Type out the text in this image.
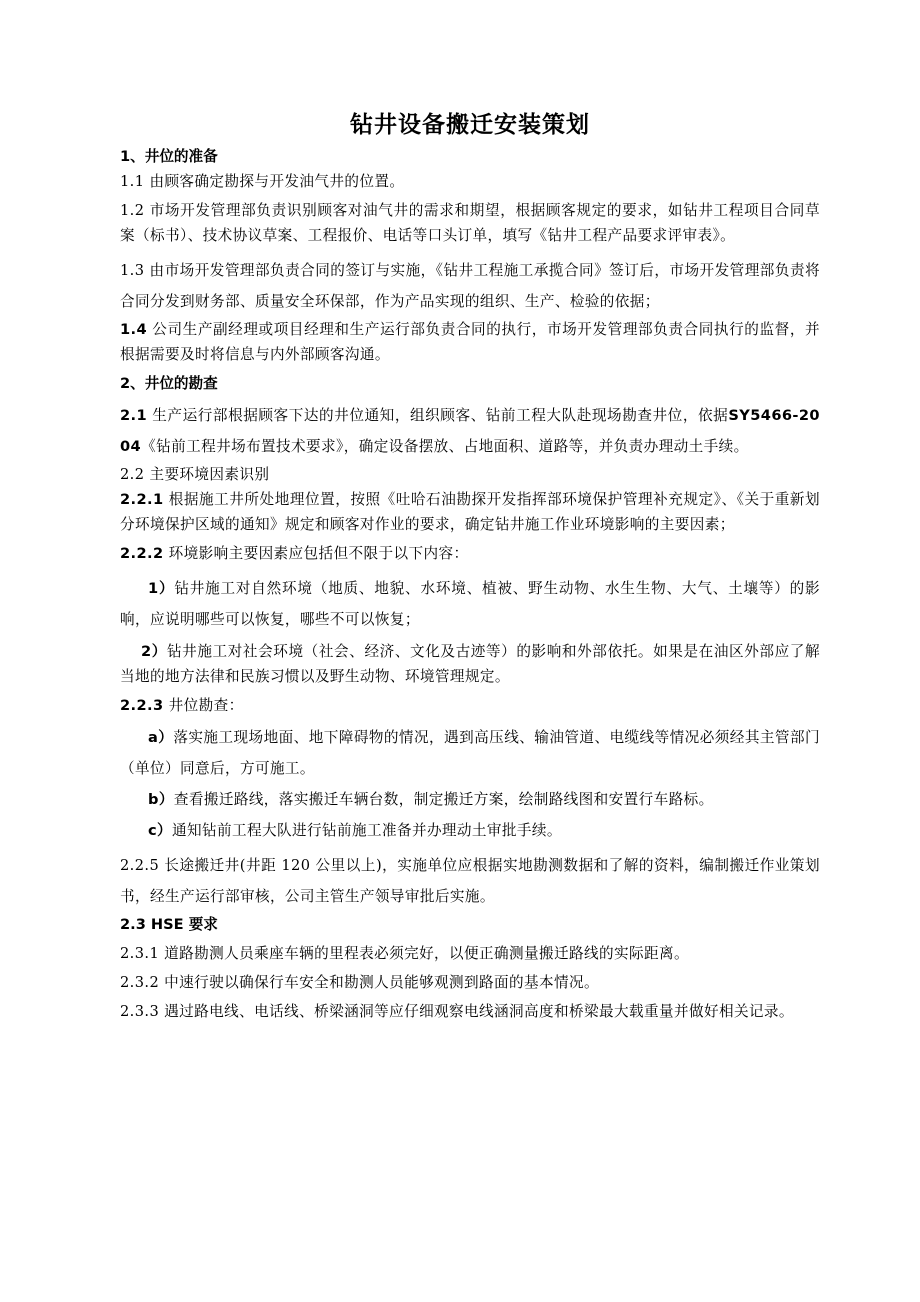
钻井设备搬迁安装策划
1、井位的准备

1.1 由顾客确定勘探与开发油气井的位置。

1.2 市场开发管理部负责识别顾客对油气井的需求和期望，根据顾客规定的要求，如钻井工程项目合同草案（标书）、技术协议草案、工程报价、电话等口头订单，填写《钻井工程产品要求评审表》。

1.3 由市场开发管理部负责合同的签订与实施，《钻井工程施工承揽合同》签订后，市场开发管理部负责将合同分发到财务部、质量安全环保部，作为产品实现的组织、生产、检验的依据；

1.4 公司生产副经理或项目经理和生产运行部负责合同的执行，市场开发管理部负责合同执行的监督，并根据需要及时将信息与内外部顾客沟通。

2、井位的勘查

2.1 生产运行部根据顾客下达的井位通知，组织顾客、钻前工程大队赴现场勘查井位，依据SY5466-2004《钻前工程井场布置技术要求》，确定设备摆放、占地面积、道路等，并负责办理动土手续。

2.2 主要环境因素识别

2.2.1 根据施工井所处地理位置，按照《吐哈石油勘探开发指挥部环境保护管理补充规定》、《关于重新划分环境保护区域的通知》规定和顾客对作业的要求，确定钻井施工作业环境影响的主要因素；

2.2.2 环境影响主要因素应包括但不限于以下内容：

1）钻井施工对自然环境（地质、地貌、水环境、植被、野生动物、水生生物、大气、土壤等）的影响，应说明哪些可以恢复，哪些不可以恢复；

2）钻井施工对社会环境（社会、经济、文化及古迹等）的影响和外部依托。如果是在油区外部应了解当地的地方法律和民族习惯以及野生动物、环境管理规定。

2.2.3 井位勘查：

a）落实施工现场地面、地下障碍物的情况，遇到高压线、输油管道、电缆线等情况必须经其主管部门（单位）同意后，方可施工。

b）查看搬迁路线，落实搬迁车辆台数，制定搬迁方案，绘制路线图和安置行车路标。

c）通知钻前工程大队进行钻前施工准备并办理动土审批手续。

2.2.5 长途搬迁井(井距 120 公里以上)，实施单位应根据实地勘测数据和了解的资料，编制搬迁作业策划书，经生产运行部审核，公司主管生产领导审批后实施。

2.3 HSE 要求

2.3.1 道路勘测人员乘座车辆的里程表必须完好，以便正确测量搬迁路线的实际距离。

2.3.2 中速行驶以确保行车安全和勘测人员能够观测到路面的基本情况。

2.3.3 遇过路电线、电话线、桥梁涵洞等应仔细观察电线涵洞高度和桥梁最大载重量并做好相关记录。
